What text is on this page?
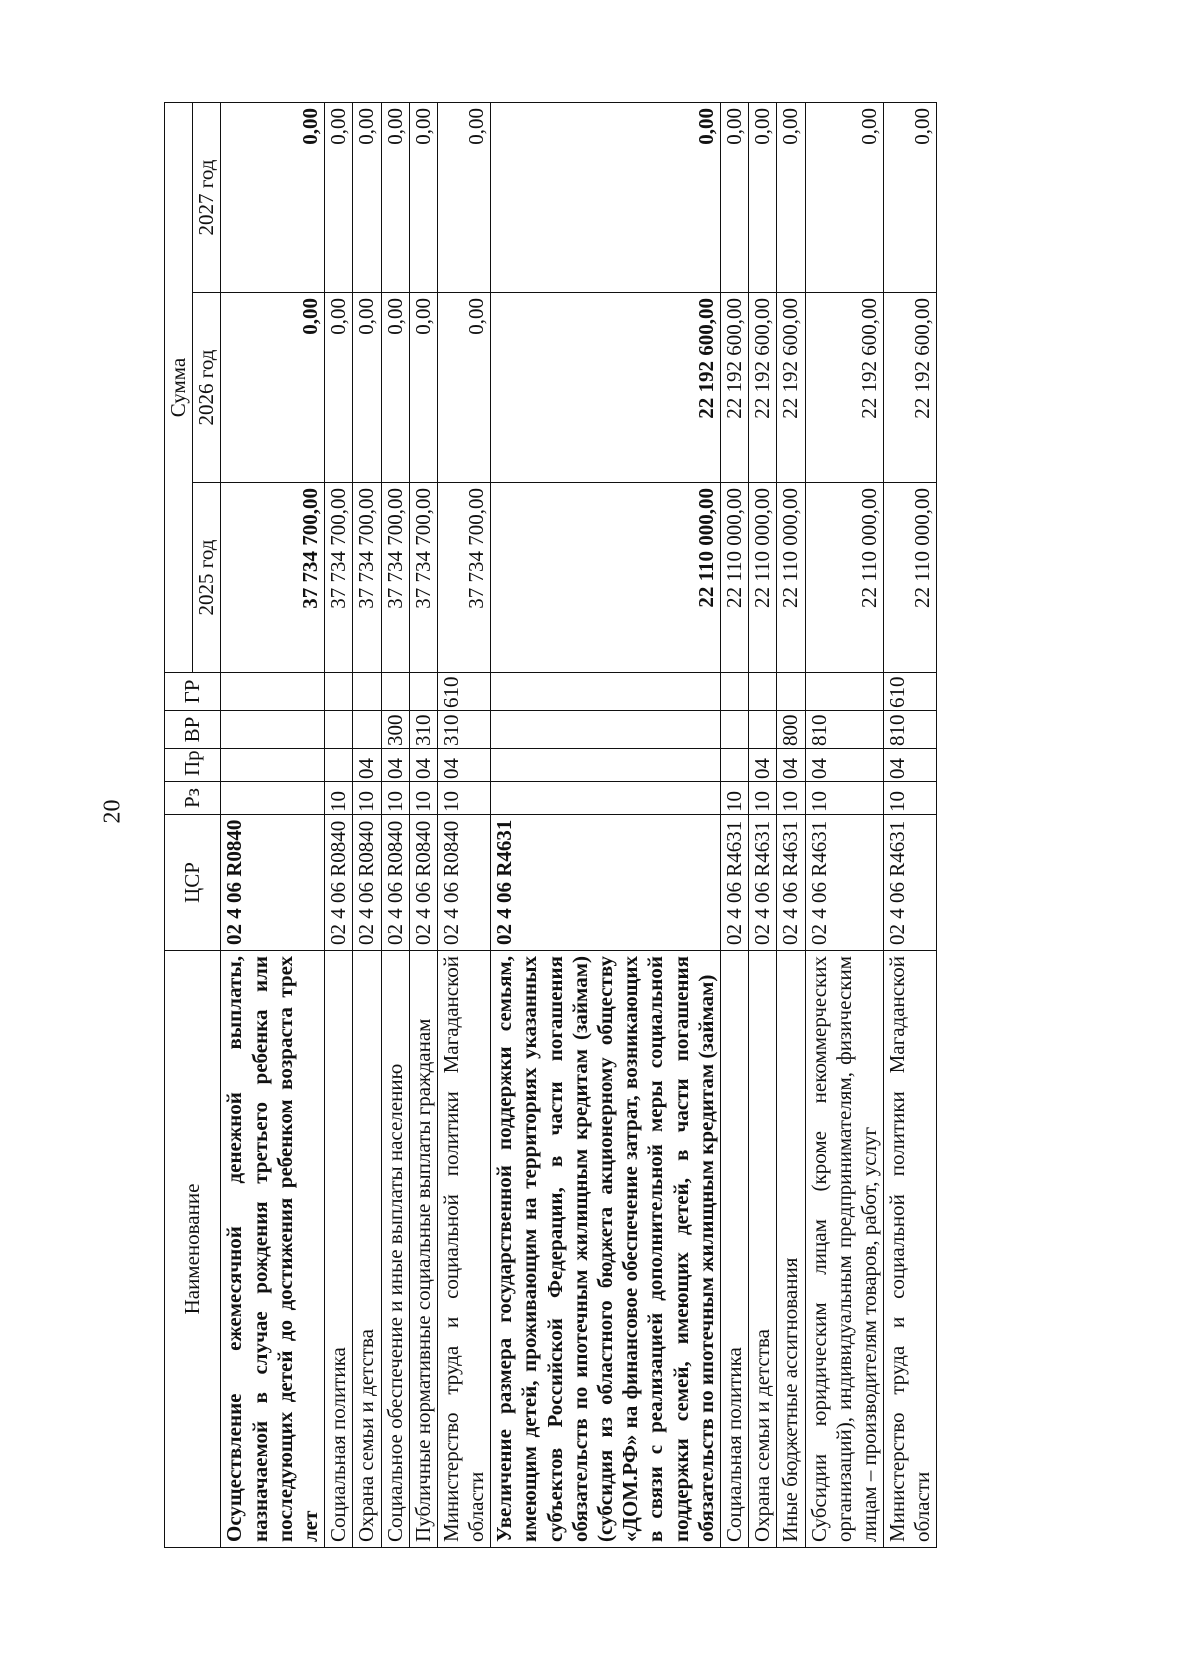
20
Наименование	ЦСР	Рз	Пр	ВР	ГР	Сумма		
						2025 год	2026 год	2027 год
Осуществление ежемесячной денежной выплаты, назначаемой в случае рождения третьего ребенка или последующих детей до достижения ребенком возраста трех лет	02 4 06 R0840					37 734 700,00	0,00	0,00
Социальная политика	02 4 06 R0840	10				37 734 700,00	0,00	0,00
Охрана семьи и детства	02 4 06 R0840	10	04			37 734 700,00	0,00	0,00
Социальное обеспечение и иные выплаты населению	02 4 06 R0840	10	04	300		37 734 700,00	0,00	0,00
Публичные нормативные социальные выплаты гражданам	02 4 06 R0840	10	04	310		37 734 700,00	0,00	0,00
Министерство труда и социальной политики Магаданской области	02 4 06 R0840	10	04	310	610	37 734 700,00	0,00	0,00
Увеличение размера государственной поддержки семьям, имеющим детей, проживающим на территориях указанных субъектов Российской Федерации, в части погашения обязательств по ипотечным жилищным кредитам (займам) (субсидия из областного бюджета акционерному обществу «ДОМ.РФ» на финансовое обеспечение затрат, возникающих в связи с реализацией дополнительной меры социальной поддержки семей, имеющих детей, в части погашения обязательств по ипотечным жилищным кредитам (займам)	02 4 06 R4631					22 110 000,00	22 192 600,00	0,00
Социальная политика	02 4 06 R4631	10				22 110 000,00	22 192 600,00	0,00
Охрана семьи и детства	02 4 06 R4631	10	04			22 110 000,00	22 192 600,00	0,00
Иные бюджетные ассигнования	02 4 06 R4631	10	04	800		22 110 000,00	22 192 600,00	0,00
Субсидии юридическим лицам (кроме некоммерческих организаций), индивидуальным предпринимателям, физическим лицам – производителям товаров, работ, услуг	02 4 06 R4631	10	04	810		22 110 000,00	22 192 600,00	0,00
Министерство труда и социальной политики Магаданской области	02 4 06 R4631	10	04	810	610	22 110 000,00	22 192 600,00	0,00
